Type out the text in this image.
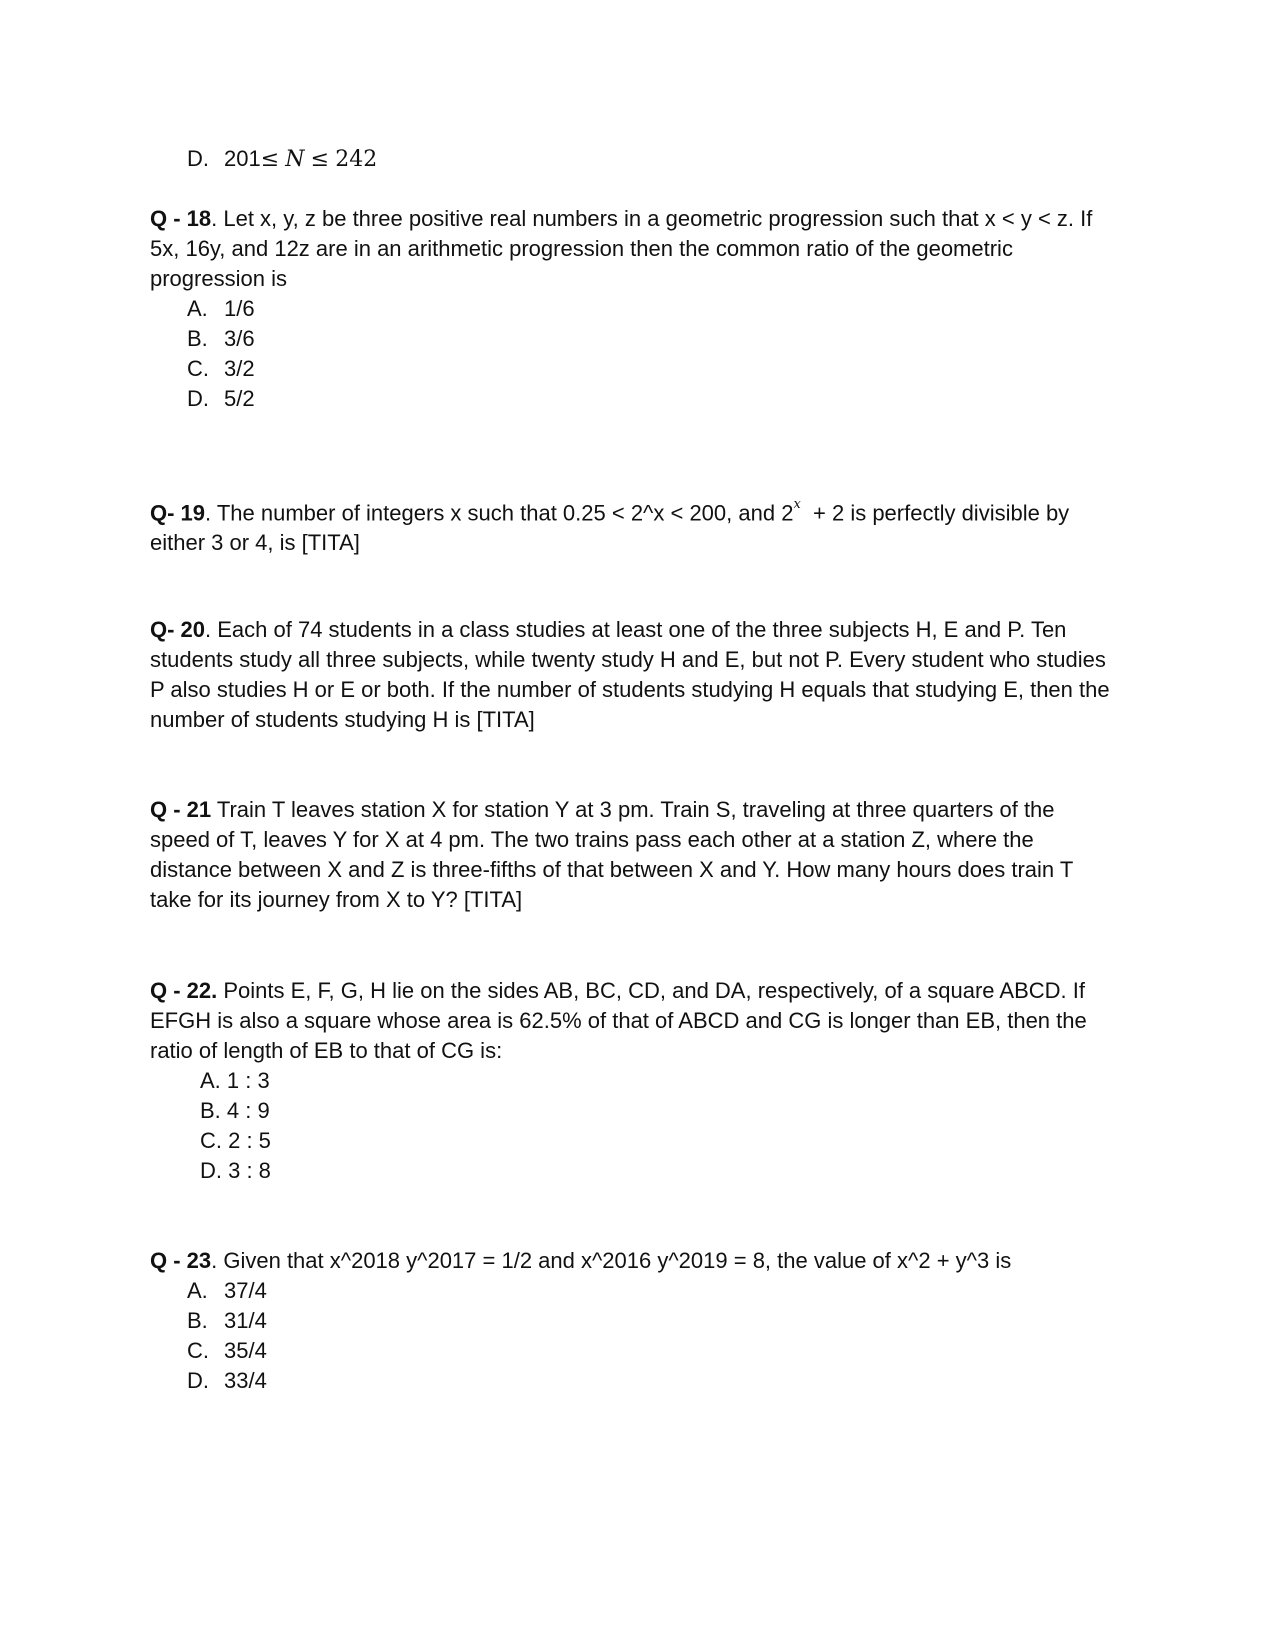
D. 201≤ N ≤ 242
Q - 18. Let x, y, z be three positive real numbers in a geometric progression such that x < y < z. If 5x, 16y, and 12z are in an arithmetic progression then the common ratio of the geometric progression is
A. 1/6
B. 3/6
C. 3/2
D. 5/2
Q- 19. The number of integers x such that 0.25 < 2^x < 200, and 2$^x$  + 2 is perfectly divisible by either 3 or 4, is [TITA]
Q- 20. Each of 74 students in a class studies at least one of the three subjects H, E and P. Ten students study all three subjects, while twenty study H and E, but not P. Every student who studies P also studies H or E or both. If the number of students studying H equals that studying E, then the number of students studying H is [TITA]
Q - 21 Train T leaves station X for station Y at 3 pm. Train S, traveling at three quarters of the speed of T, leaves Y for X at 4 pm. The two trains pass each other at a station Z, where the distance between X and Z is three-fifths of that between X and Y. How many hours does train T take for its journey from X to Y? [TITA]
Q - 22. Points E, F, G, H lie on the sides AB, BC, CD, and DA, respectively, of a square ABCD. If EFGH is also a square whose area is 62.5% of that of ABCD and CG is longer than EB, then the ratio of length of EB to that of CG is:
A. 1 : 3
B. 4 : 9
C. 2 : 5
D. 3 : 8
Q - 23. Given that x^2018 y^2017 = 1/2 and x^2016 y^2019 = 8, the value of x^2 + y^3 is
A. 37/4
B. 31/4
C. 35/4
D. 33/4
